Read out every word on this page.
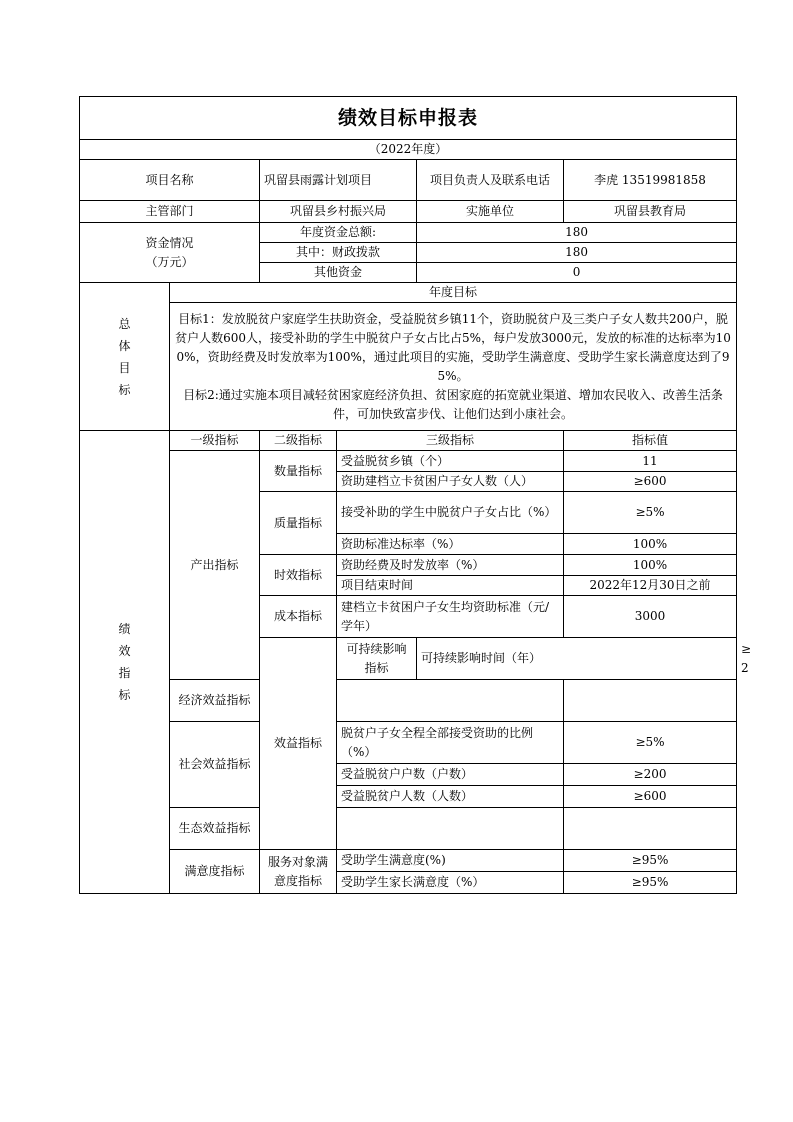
绩效目标申报表						
（2022年度）						
项目名称		巩留县雨露计划项目		项目负责人及联系电话	李虎 13519981858	
主管部门		巩留县乡村振兴局		实施单位	巩留县教育局	

资金情况
（万元）		年度资金总额:		180		
		其中：财政拨款		180		
		其他资金		0		

总
体
目
标	年度目标					

	目标1：发放脱贫户家庭学生扶助资金，受益脱贫乡镇11个，资助脱贫户及三类户子女人数共200户，脱贫户人数600人，接受补助的学生中脱贫户子女占比占5%，每户发放3000元，发放的标准的达标率为100%，资助经费及时发放率为100%，通过此项目的实施，受助学生满意度、受助学生家长满意度达到了95%。
目标2:通过实施本项目减轻贫困家庭经济负担、贫困家庭的拓宽就业渠道、增加农民收入、改善生活条件，可加快致富步伐、让他们达到小康社会。					

绩
效
指
标	一级指标	二级指标	三级指标		指标值	
	产出指标	数量指标	受益脱贫乡镇（个）		11	
			资助建档立卡贫困户子女人数（人）		≥600	
		质量指标	接受补助的学生中脱贫户子女占比（%）		≥5%	
			资助标准达标率（%）		100%	
		时效指标	资助经费及时发放率（%）		100%	
			项目结束时间		2022年12月30日之前	
		成本指标	建档立卡贫困户子女生均资助标准（元/学年）		3000	
		效益指标	可持续影响指标	可持续影响时间（年）		≥2
	经济效益指标					
	社会效益指标		脱贫户子女全程全部接受资助的比例（%）		≥5%	
			受益脱贫户户数（户数）		≥200	
			受益脱贫户人数（人数）		≥600	
	生态效益指标					
	满意度指标	服务对象满意度指标	受助学生满意度(%)		≥95%	
			受助学生家长满意度（%）		≥95%	
